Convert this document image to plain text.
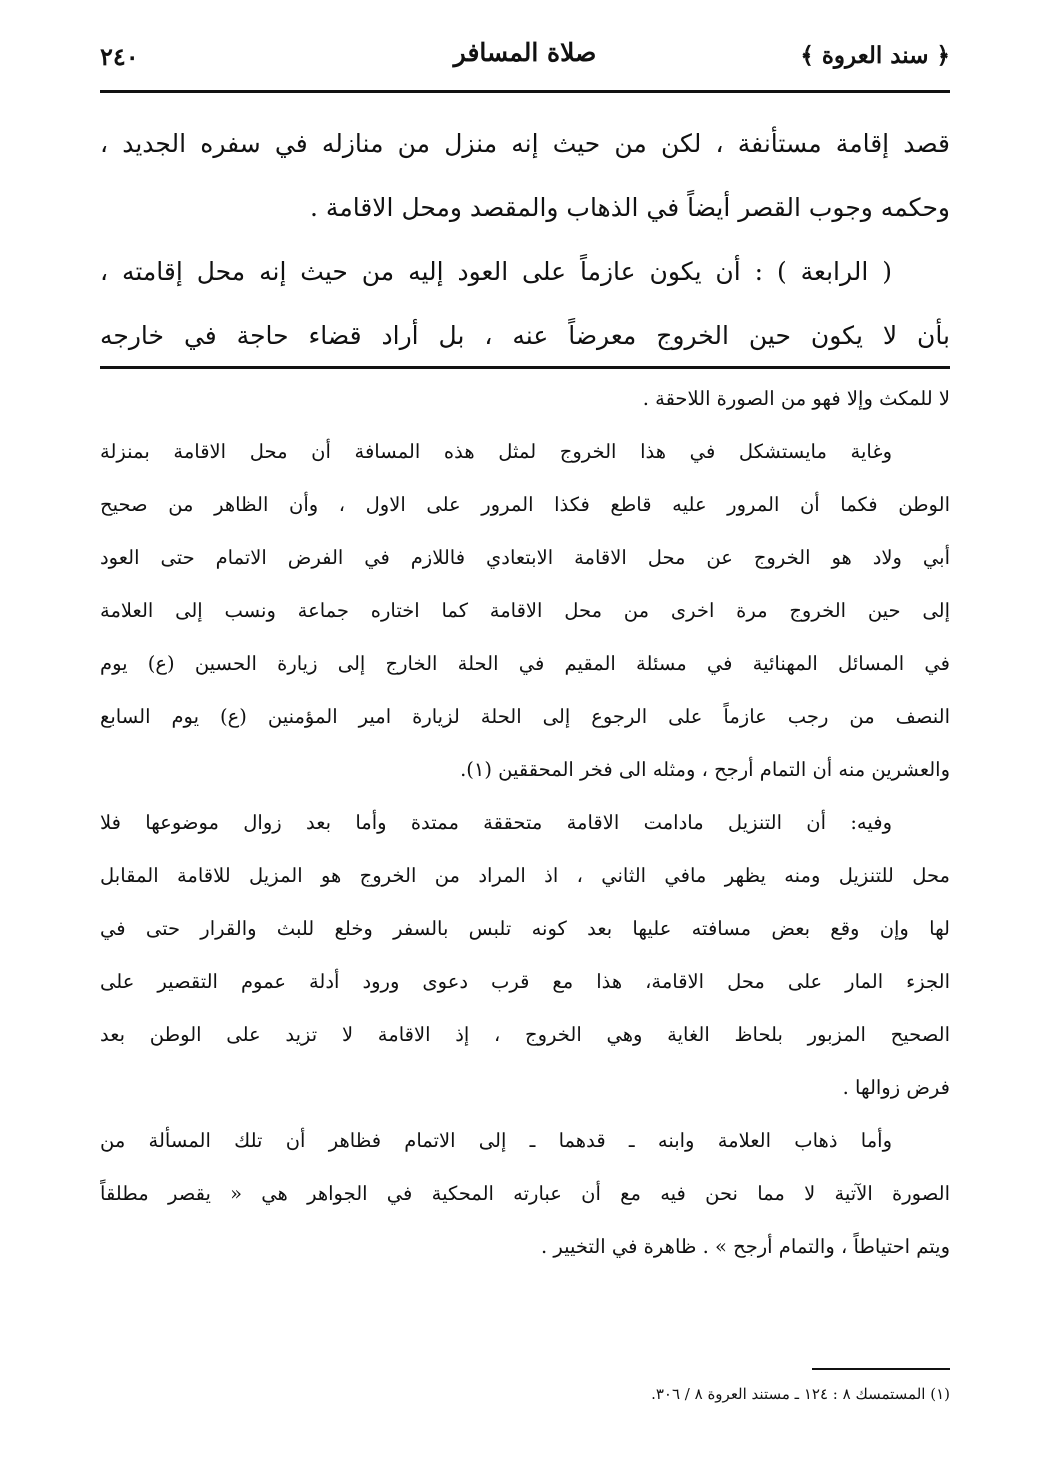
﴿ سند العروة ﴾
صلاة المسافر
٢٤٠

قصد إقامة مستأنفة ، لكن من حيث إنه منزل من منازله في سفره الجديد ،

وحكمه وجوب القصر أيضاً في الذهاب والمقصد ومحل الاقامة .

( الرابعة ) : أن يكون عازماً على العود إليه من حيث إنه محل إقامته ،

بأن لا يكون حين الخروج معرضاً عنه ، بل أراد قضاء حاجة في خارجه

لا للمكث وإلا فهو من الصورة اللاحقة .

وغاية مايستشكل في هذا الخروج لمثل هذه المسافة أن محل الاقامة بمنزلة

الوطن فكما أن المرور عليه قاطع فكذا المرور على الاول ، وأن الظاهر من صحيح

أبي ولاد هو الخروج عن محل الاقامة الابتعادي فاللازم في الفرض الاتمام حتى العود

إلى حين الخروج مرة اخرى من محل الاقامة كما اختاره جماعة ونسب إلى العلامة

في المسائل المهنائية في مسئلة المقيم في الحلة الخارج إلى زيارة الحسين (ع) يوم

النصف من رجب عازماً على الرجوع إلى الحلة لزيارة امير المؤمنين (ع) يوم السابع

والعشرين منه أن التمام أرجح ، ومثله الى فخر المحققين (١).

وفيه: أن التنزيل مادامت الاقامة متحققة ممتدة وأما بعد زوال موضوعها فلا

محل للتنزيل ومنه يظهر مافي الثاني ، اذ المراد من الخروج هو المزيل للاقامة المقابل

لها وإن وقع بعض مسافته عليها بعد كونه تلبس بالسفر وخلع للبث والقرار حتى في

الجزء المار على محل الاقامة، هذا مع قرب دعوى ورود أدلة عموم التقصير على

الصحيح المزبور بلحاظ الغاية وهي الخروج ، إذ الاقامة لا تزيد على الوطن بعد

فرض زوالها .

وأما ذهاب العلامة وابنه ـ قدهما ـ إلى الاتمام فظاهر أن تلك المسألة من

الصورة الآتية لا مما نحن فيه مع أن عبارته المحكية في الجواهر هي « يقصر مطلقاً

ويتم احتياطاً ، والتمام أرجح » . ظاهرة في التخيير .

(١) المستمسك ٨ : ١٢٤ ـ مستند العروة ٨ / ٣٠٦.
